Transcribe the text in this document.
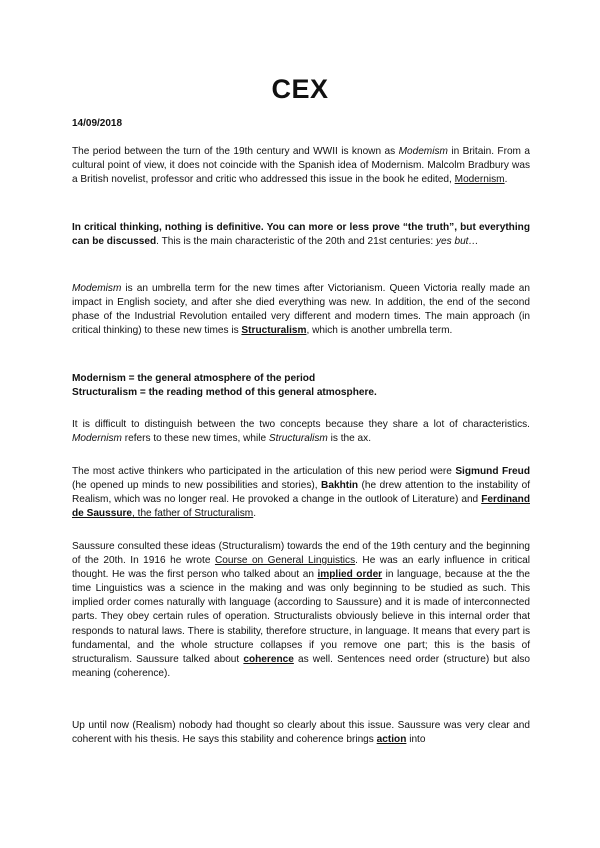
CEX
14/09/2018

The period between the turn of the 19th century and WWII is known as Modemism in Britain. From a cultural point of view, it does not coincide with the Spanish idea of Modernism. Malcolm Bradbury was a British novelist, professor and critic who addressed this issue in the book he edited, Modernism.

In critical thinking, nothing is definitive. You can more or less prove “the truth”, but everything can be discussed. This is the main characteristic of the 20th and 21st centuries: yes but…

Modemism is an umbrella term for the new times after Victorianism. Queen Victoria really made an impact in English society, and after she died everything was new. In addition, the end of the second phase of the Industrial Revolution entailed very different and modern times. The main approach (in critical thinking) to these new times is Structuralism, which is another umbrella term.

Modernism = the general atmosphere of the period
Structuralism = the reading method of this general atmosphere.

It is difficult to distinguish between the two concepts because they share a lot of characteristics. Modernism refers to these new times, while Structuralism is the ax.

The most active thinkers who participated in the articulation of this new period were Sigmund Freud (he opened up minds to new possibilities and stories), Bakhtin (he drew attention to the instability of Realism, which was no longer real. He provoked a change in the outlook of Literature) and Ferdinand de Saussure, the father of Structuralism.

Saussure consulted these ideas (Structuralism) towards the end of the 19th century and the beginning of the 20th. In 1916 he wrote Course on General Linguistics. He was an early influence in critical thought. He was the first person who talked about an implied order in language, because at the the time Linguistics was a science in the making and was only beginning to be studied as such. This implied order comes naturally with language (according to Saussure) and it is made of interconnected parts. They obey certain rules of operation. Structuralists obviously believe in this internal order that responds to natural laws. There is stability, therefore structure, in language. It means that every part is fundamental, and the whole structure collapses if you remove one part; this is the basis of structuralism. Saussure talked about coherence as well. Sentences need order (structure) but also meaning (coherence).

Up until now (Realism) nobody had thought so clearly about this issue. Saussure was very clear and coherent with his thesis. He says this stability and coherence brings action into
